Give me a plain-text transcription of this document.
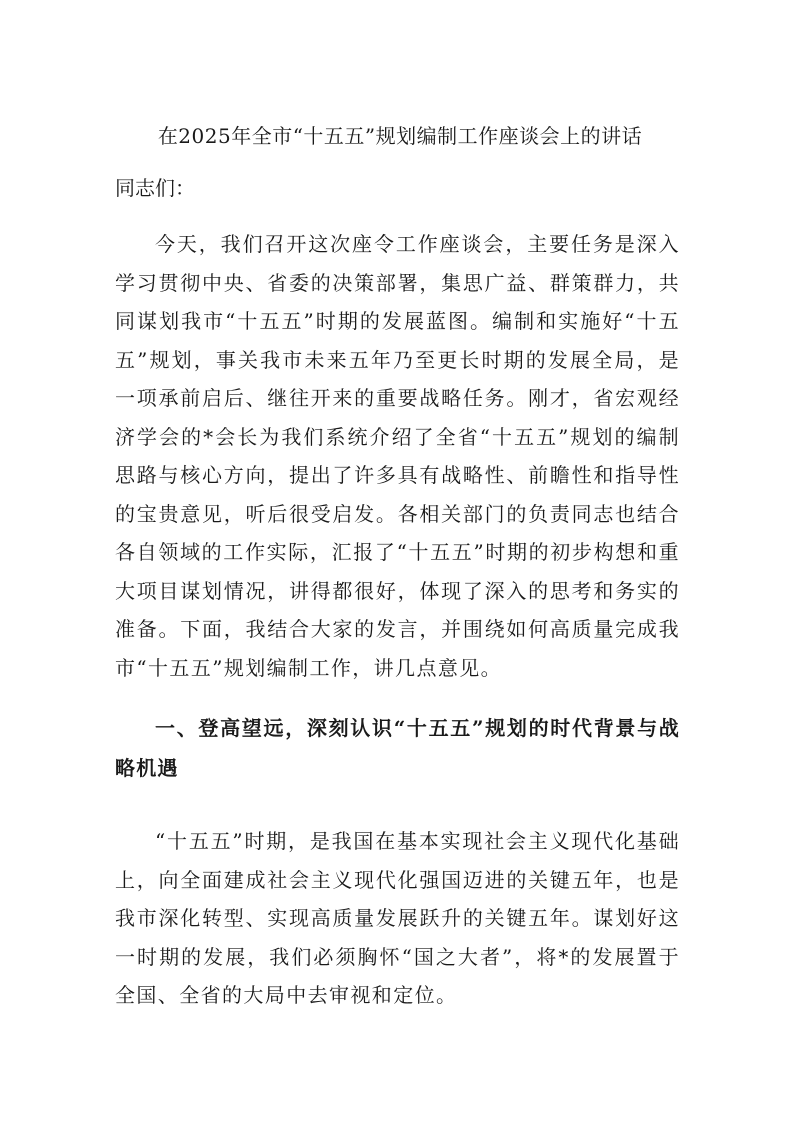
在2025年全市“十五五”规划编制工作座谈会上的讲话

同志们：

今天，我们召开这次座令工作座谈会，主要任务是深入学习贯彻中央、省委的决策部署，集思广益、群策群力，共同谋划我市“十五五”时期的发展蓝图。编制和实施好“十五五”规划，事关我市未来五年乃至更长时期的发展全局，是一项承前启后、继往开来的重要战略任务。刚才，省宏观经济学会的*会长为我们系统介绍了全省“十五五”规划的编制思路与核心方向，提出了许多具有战略性、前瞻性和指导性的宝贵意见，听后很受启发。各相关部门的负责同志也结合各自领域的工作实际，汇报了“十五五”时期的初步构想和重大项目谋划情况，讲得都很好，体现了深入的思考和务实的准备。下面，我结合大家的发言，并围绕如何高质量完成我市“十五五”规划编制工作，讲几点意见。

一、登高望远，深刻认识“十五五”规划的时代背景与战略机遇

“十五五”时期，是我国在基本实现社会主义现代化基础上，向全面建成社会主义现代化强国迈进的关键五年，也是我市深化转型、实现高质量发展跃升的关键五年。谋划好这一时期的发展，我们必须胸怀“国之大者”，将*的发展置于全国、全省的大局中去审视和定位。
